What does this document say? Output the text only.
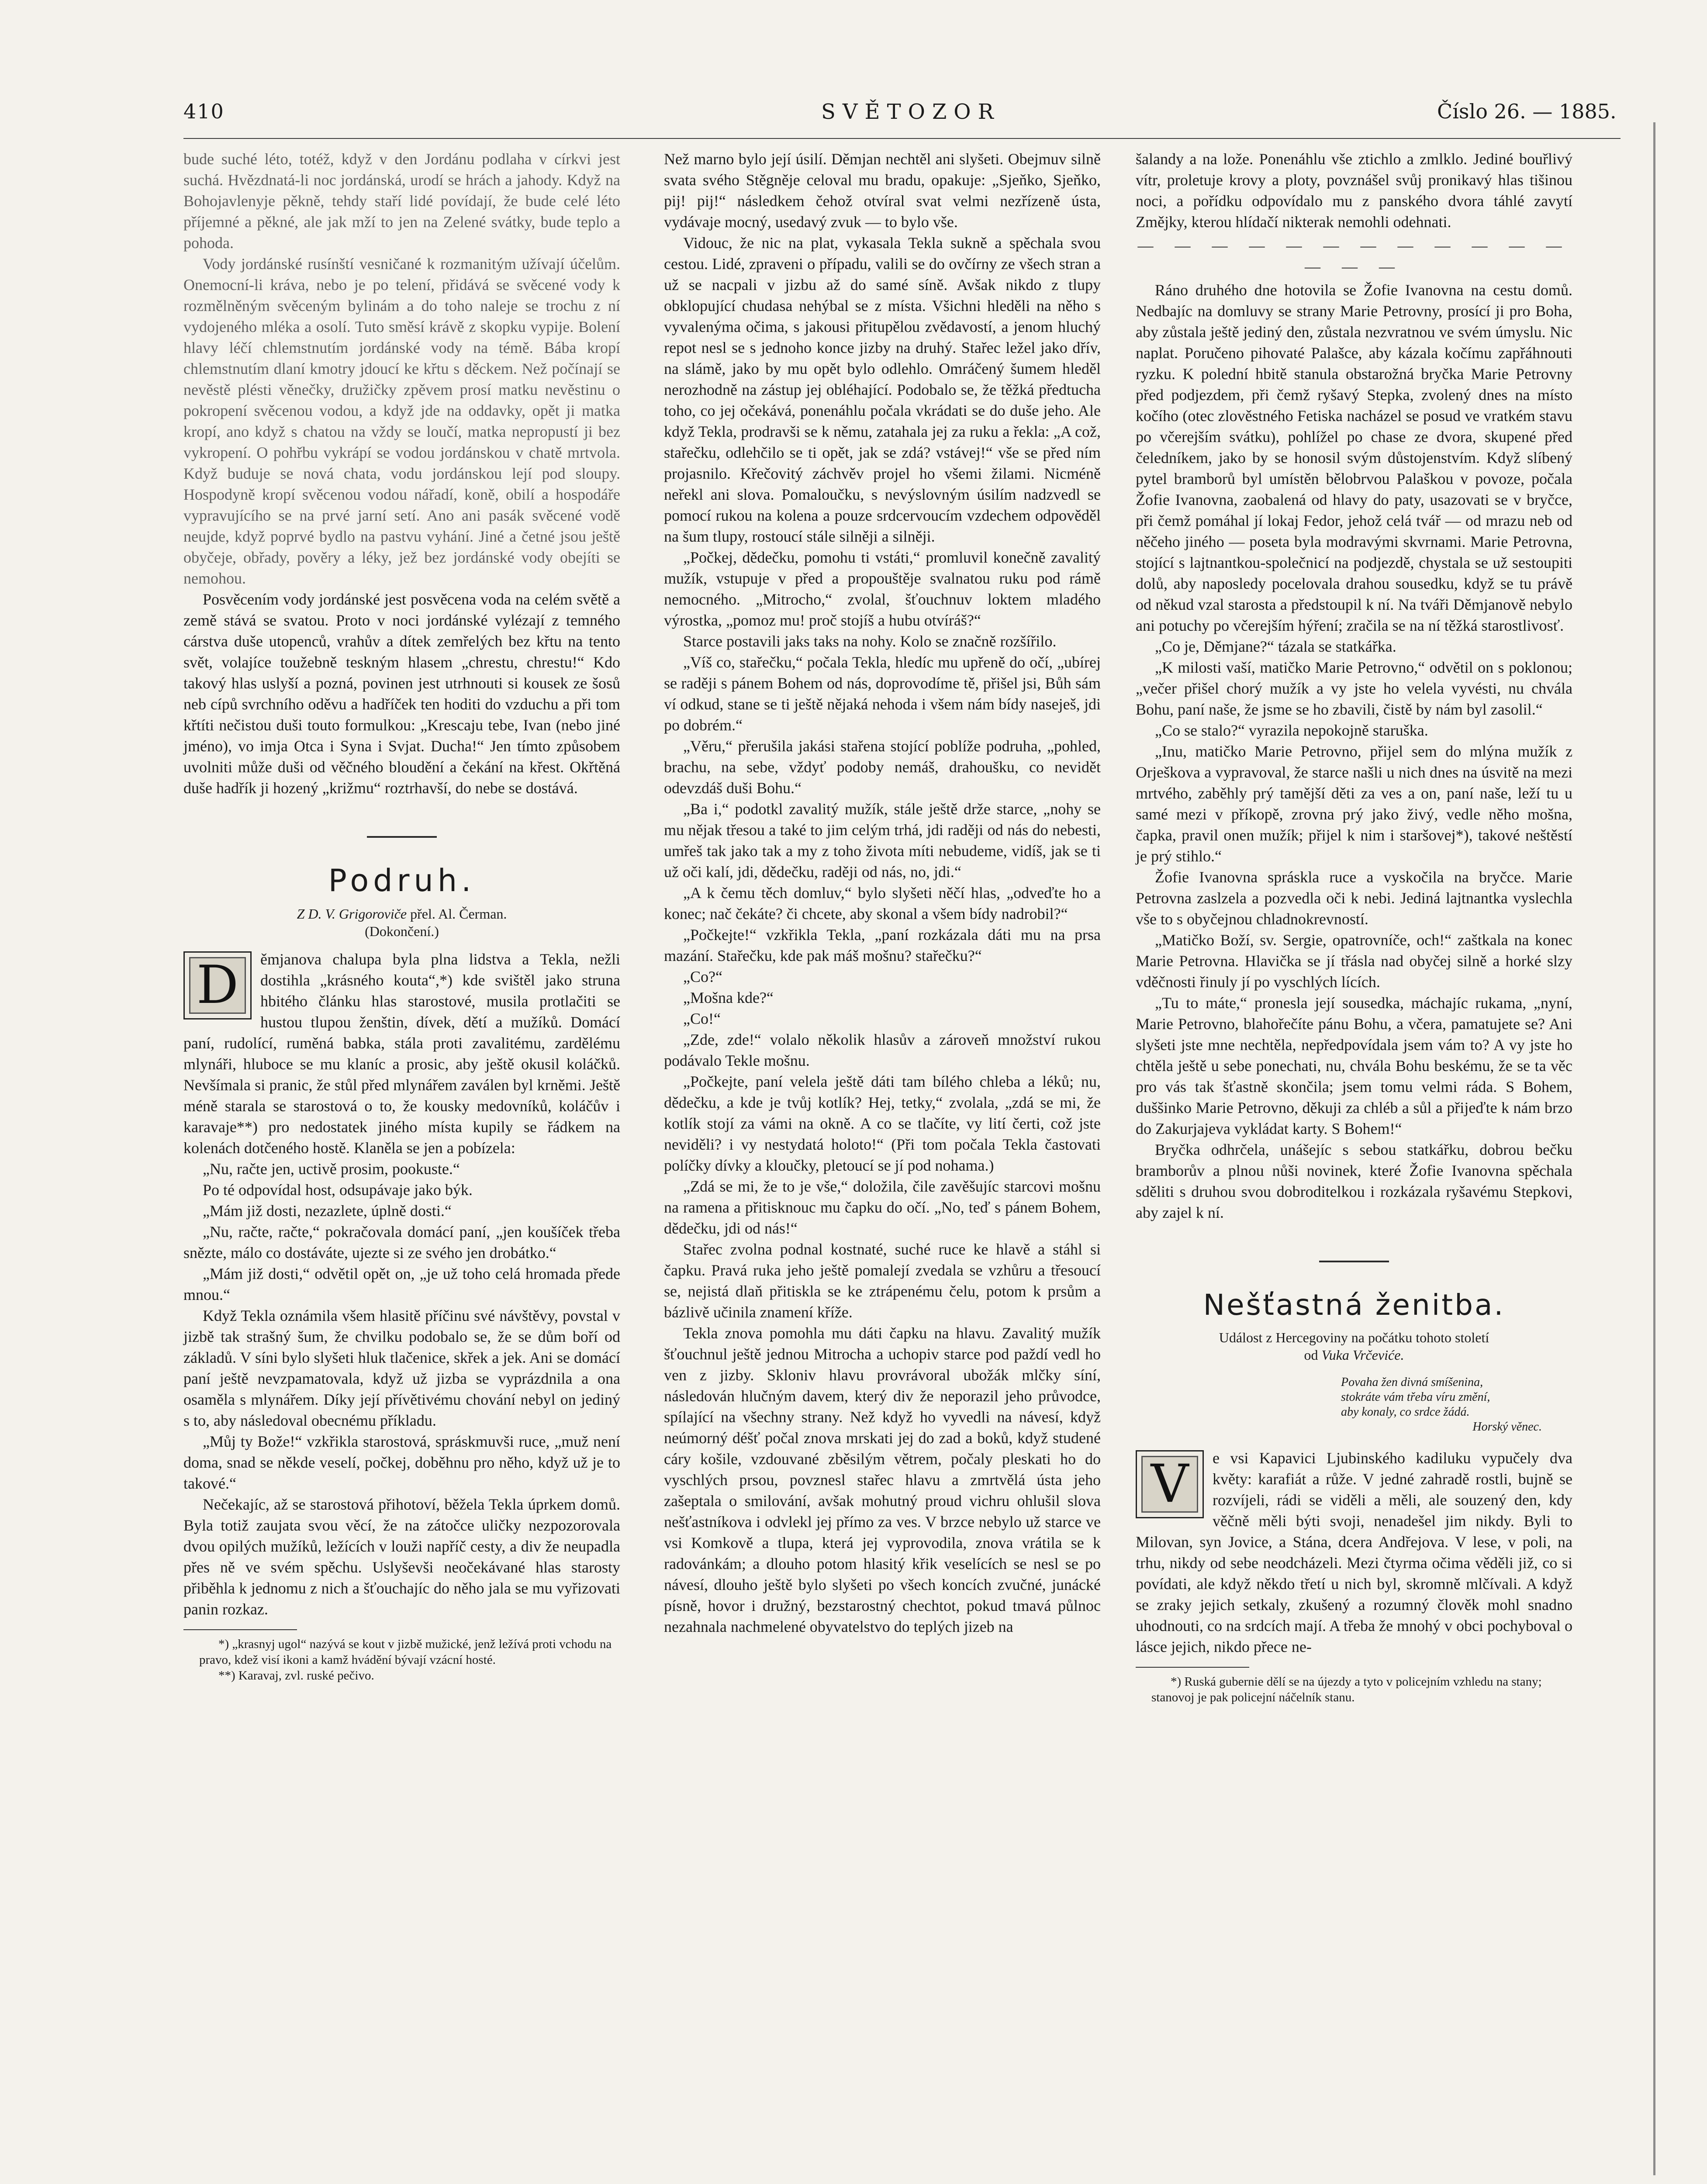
410	SVĚTOZOR	Číslo 26. — 1885.

bude suché léto, totéž, když v den Jordánu podlaha v církvi jest suchá. Hvězdnatá-li noc jordánská, urodí se hrách a jahody. Když na Bohojavlenyje pěkně, tehdy staří lidé povídají, že bude celé léto příjemné a pěkné, ale jak mží to jen na Zelené svátky, bude teplo a pohoda.

Vody jordánské rusínští vesničané k rozmanitým užívají účelům. Onemocní-li kráva, nebo je po telení, přidává se svěcené vody k rozmělněným svěceným bylinám a do toho naleje se trochu z ní vydojeného mléka a osolí. Tuto směsí krávě z skopku vypije. Bolení hlavy léčí chlemstnutím jordánské vody na témě. Bába kropí chlemstnutím dlaní kmotry jdoucí ke křtu s děckem. Než počínají se nevěstě plésti věnečky, družičky zpěvem prosí matku nevěstinu o pokropení svěcenou vodou, a když jde na oddavky, opět ji matka kropí, ano když s chatou na vždy se loučí, matka nepropustí ji bez vykropení. O pohřbu vykrápí se vodou jordánskou v chatě mrtvola. Když buduje se nová chata, vodu jordánskou lejí pod sloupy. Hospodyně kropí svěcenou vodou nářadí, koně, obilí a hospodáře vypravujícího se na prvé jarní setí. Ano ani pasák svěcené vodě neujde, když poprvé bydlo na pastvu vyhání. Jiné a četné jsou ještě obyčeje, obřady, pověry a léky, jež bez jordánské vody obejíti se nemohou.

Posvěcením vody jordánské jest posvěcena voda na celém světě a země stává se svatou. Proto v noci jordánské vylézají z temného cárstva duše utopenců, vrahův a dítek zemřelých bez křtu na tento svět, volajíce toužebně teskným hlasem „chrestu, chrestu!“ Kdo takový hlas uslyší a pozná, povinen jest utrhnouti si kousek ze šosů neb cípů svrchního oděvu a hadříček ten hoditi do vzduchu a při tom křtíti nečistou duši touto formulkou: „Krescaju tebe, Ivan (nebo jiné jméno), vo imja Otca i Syna i Svjat. Ducha!“ Jen tímto způsobem uvolniti může duši od věčného bloudění a čekání na křest. Okřtěná duše hadřík ji hozený „križmu“ roztrhavší, do nebe se dostává.

Podruh.
Z D. V. Grigoroviče přel. Al. Čerman.
(Dokončení.)

D	ěmjanova chalupa byla plna lidstva a Tekla, nežli dostihla „krásného kouta“,*) kde svištěl jako struna hbitého článku hlas starostové, musila protlačiti se hustou tlupou ženštin, dívek, dětí a mužíků. Domácí paní, rudolící, ruměná babka, stála proti zavalitému, zardělému mlynáři, hluboce se mu klaníc a prosic, aby ještě okusil koláčků. Nevšímala si pranic, že stůl před mlynářem zaválen byl krněmi. Ještě méně starala se starostová o to, že kousky medovníků, koláčův i karavaje**) pro nedostatek jiného místa kupily se řádkem na kolenách dotčeného hostě. Klaněla se jen a pobízela:

„Nu, račte jen, uctivě prosim, pookuste.“

Po té odpovídal host, odsupávaje jako býk.

„Mám již dosti, nezazlete, úplně dosti.“

„Nu, račte, račte,“ pokračovala domácí paní, „jen koušíček třeba snězte, málo co dostáváte, ujezte si ze svého jen drobátko.“

„Mám již dosti,“ odvětil opět on, „je už toho celá hromada přede mnou.“

Když Tekla oznámila všem hlasitě příčinu své návštěvy, povstal v jizbě tak strašný šum, že chvilku podobalo se, že se dům boří od základů. V síni bylo slyšeti hluk tlačenice, skřek a jek. Ani se domácí paní ještě nevzpamatovala, když už jizba se vyprázdnila a ona osaměla s mlynářem. Díky její přívětivému chování nebyl on jediný s to, aby následoval obecnému příkladu.

„Můj ty Bože!“ vzkřikla starostová, spráskmuvši ruce, „muž není doma, snad se někde veselí, počkej, doběhnu pro něho, když už je to takové.“

Nečekajíc, až se starostová přihotoví, běžela Tekla úprkem domů. Byla totiž zaujata svou věcí, že na zátočce uličky nezpozorovala dvou opilých mužíků, ležících v louži napříč cesty, a div že neupadla přes ně ve svém spěchu. Uslyševši neočekávané hlas starosty přiběhla k jednomu z nich a šťouchajíc do něho jala se mu vyřizovati panin rozkaz.

*) „krasnyj ugol“ nazývá se kout v jizbě mužické, jenž ležívá proti vchodu na pravo, kdež visí ikoni a kamž hvádění bývají vzácní hosté.

**) Karavaj, zvl. ruské pečivo.

Než marno bylo její úsilí. Děmjan nechtěl ani slyšeti. Obejmuv silně svata svého Stěgněje celoval mu bradu, opakuje: „Sjeňko, Sjeňko, pij! pij!“ následkem čehož otvíral svat velmi nezřízeně ústa, vydávaje mocný, usedavý zvuk — to bylo vše.

Vidouc, že nic na plat, vykasala Tekla sukně a spěchala svou cestou. Lidé, zpraveni o případu, valili se do ovčírny ze všech stran a už se nacpali v jizbu až do samé síně. Avšak nikdo z tlupy obklopující chudasa nehýbal se z místa. Všichni hleděli na něho s vyvalenýma očima, s jakousi přitupělou zvědavostí, a jenom hluchý repot nesl se s jednoho konce jizby na druhý. Stařec ležel jako dřív, na slámě, jako by mu opět bylo odlehlo. Omráčený šumem hleděl nerozhodně na zástup jej obléhající. Podobalo se, že těžká předtucha toho, co jej očekává, ponenáhlu počala vkrádati se do duše jeho. Ale když Tekla, prodravši se k němu, zatahala jej za ruku a řekla: „A což, stařečku, odlehčilo se ti opět, jak se zdá? vstávej!“ vše se před ním projasnilo. Křečovitý záchvěv projel ho všemi žilami. Nicméně neřekl ani slova. Pomaloučku, s nevýslovným úsilím nadzvedl se pomocí rukou na kolena a pouze srdcervoucím vzdechem odpověděl na šum tlupy, rostoucí stále silněji a silněji.

„Počkej, dědečku, pomohu ti vstáti,“ promluvil konečně zavalitý mužík, vstupuje v před a propouštěje svalnatou ruku pod rámě nemocného. „Mitrocho,“ zvolal, šťouchnuv loktem mladého výrostka, „pomoz mu! proč stojíš a hubu otvíráš?“

Starce postavili jaks taks na nohy. Kolo se značně rozšířilo.

„Víš co, stařečku,“ počala Tekla, hledíc mu upřeně do očí, „ubírej se raději s pánem Bohem od nás, doprovodíme tě, přišel jsi, Bůh sám ví odkud, stane se ti ještě nějaká nehoda i všem nám bídy naseješ, jdi po dobrém.“

„Věru,“ přerušila jakási stařena stojící poblíže podruha, „pohled, brachu, na sebe, vždyť podoby nemáš, drahoušku, co nevidět odevzdáš duši Bohu.“

„Ba i,“ podotkl zavalitý mužík, stále ještě drže starce, „nohy se mu nějak třesou a také to jim celým trhá, jdi raději od nás do nebesti, umřeš tak jako tak a my z toho života míti nebudeme, vidíš, jak se ti už oči kalí, jdi, dědečku, raději od nás, no, jdi.“

„A k čemu těch domluv,“ bylo slyšeti něčí hlas, „odveďte ho a konec; nač čekáte? či chcete, aby skonal a všem bídy nadrobil?“

„Počkejte!“ vzkřikla Tekla, „paní rozkázala dáti mu na prsa mazání. Stařečku, kde pak máš mošnu? stařečku?“

„Co?“

„Mošna kde?“

„Co!“

„Zde, zde!“ volalo několik hlasův a zároveň množství rukou podávalo Tekle mošnu.

„Počkejte, paní velela ještě dáti tam bílého chleba a léků; nu, dědečku, a kde je tvůj kotlík? Hej, tetky,“ zvolala, „zdá se mi, že kotlík stojí za vámi na okně. A co se tlačíte, vy lití čerti, což jste neviděli? i vy nestydatá holoto!“ (Při tom počala Tekla častovati políčky dívky a kloučky, pletoucí se jí pod nohama.)

„Zdá se mi, že to je vše,“ doložila, čile zavěšujíc starcovi mošnu na ramena a přitisknouc mu čapku do očí. „No, teď s pánem Bohem, dědečku, jdi od nás!“

Stařec zvolna podnal kostnaté, suché ruce ke hlavě a stáhl si čapku. Pravá ruka jeho ještě pomalejí zvedala se vzhůru a třesoucí se, nejistá dlaň přitiskla se ke ztrápenému čelu, potom k prsům a bázlivě učinila znamení kříže.

Tekla znova pomohla mu dáti čapku na hlavu. Zavalitý mužík šťouchnul ještě jednou Mitrocha a uchopiv starce pod paždí vedl ho ven z jizby. Skloniv hlavu provrávoral ubožák mlčky síní, následován hlučným davem, který div že neporazil jeho průvodce, spílající na všechny strany. Než když ho vyvedli na návesí, když neúmorný déšť počal znova mrskati jej do zad a boků, když studené cáry košile, vzdouvané zběsilým větrem, počaly pleskati ho do vyschlých prsou, povznesl stařec hlavu a zmrtvělá ústa jeho zašeptala o smilování, avšak mohutný proud vichru ohlušil slova nešťastníkova i odvlekl jej přímo za ves. V brzce nebylo už starce ve vsi Komkově a tlupa, která jej vyprovodila, znova vrátila se k radovánkám; a dlouho potom hlasitý křik veselících se nesl se po návesí, dlouho ještě bylo slyšeti po všech koncích zvučné, junácké písně, hovor i družný, bezstarostný chechtot, pokud tmavá půlnoc nezahnala nachmelené obyvatelstvo do teplých jizeb na

šalandy a na lože. Ponenáhlu vše ztichlo a zmlklo. Jediné bouřlivý vítr, proletuje krovy a ploty, povznášel svůj pronikavý hlas tišinou noci, a pořídku odpovídalo mu z panského dvora táhlé zavytí Změjky, kterou hlídačí nikterak nemohli odehnati.

— — — — — — — — — — — — — — —

Ráno druhého dne hotovila se Žofie Ivanovna na cestu domů. Nedbajíc na domluvy se strany Marie Petrovny, prosící ji pro Boha, aby zůstala ještě jediný den, zůstala nezvratnou ve svém úmyslu. Nic naplat. Poručeno pihovaté Palašce, aby kázala kočímu zapřáhnouti ryzku. K polední hbitě stanula obstarožná bryčka Marie Petrovny před podjezdem, při čemž ryšavý Stepka, zvolený dnes na místo kočího (otec zlověstného Fetiska nacházel se posud ve vratkém stavu po včerejším svátku), pohlížel po chase ze dvora, skupené před čeledníkem, jako by se honosil svým důstojenstvím. Když slíbený pytel bramborů byl umístěn bělobrvou Palaškou v povoze, počala Žofie Ivanovna, zaobalená od hlavy do paty, usazovati se v bryčce, při čemž pomáhal jí lokaj Fedor, jehož celá tvář — od mrazu neb od něčeho jiného — poseta byla modravými skvrnami. Marie Petrovna, stojící s lajtnantkou-společnicí na podjezdě, chystala se už sestoupiti dolů, aby naposledy pocelovala drahou sousedku, když se tu právě od někud vzal starosta a předstoupil k ní. Na tváři Děmjanově nebylo ani potuchy po včerejším hýření; zračila se na ní těžká starostlivosť.

„Co je, Děmjane?“ tázala se statkářka.

„K milosti vaší, matičko Marie Petrovno,“ odvětil on s poklonou; „večer přišel chorý mužík a vy jste ho velela vyvésti, nu chvála Bohu, paní naše, že jsme se ho zbavili, čistě by nám byl zasolil.“

„Co se stalo?“ vyrazila nepokojně staruška.

„Inu, matičko Marie Petrovno, přijel sem do mlýna mužík z Orješkova a vypravoval, že starce našli u nich dnes na úsvitě na mezi mrtvého, zaběhly prý tamější děti za ves a on, paní naše, leží tu u samé mezi v příkopě, zrovna prý jako živý, vedle něho mošna, čapka, pravil onen mužík; přijel k nim i staršovej*), takové neštěstí je prý stihlo.“

Žofie Ivanovna spráskla ruce a vyskočila na bryčce. Marie Petrovna zaslzela a pozvedla oči k nebi. Jediná lajtnantka vyslechla vše to s obyčejnou chladnokrevností.

„Matičko Boží, sv. Sergie, opatrovníče, och!“ zaštkala na konec Marie Petrovna. Hlavička se jí třásla nad obyčej silně a horké slzy vděčnosti řinuly jí po vyschlých lících.

„Tu to máte,“ pronesla její sousedka, máchajíc rukama, „nyní, Marie Petrovno, blahořečíte pánu Bohu, a včera, pamatujete se? Ani slyšeti jste mne nechtěla, nepředpovídala jsem vám to? A vy jste ho chtěla ještě u sebe ponechati, nu, chvála Bohu beskému, že se ta věc pro vás tak šťastně skončila; jsem tomu velmi ráda. S Bohem, duššinko Marie Petrovno, děkuji za chléb a sůl a přijeďte k nám brzo do Zakurjajeva vykládat karty. S Bohem!“

Bryčka odhrčela, unášejíc s sebou statkářku, dobrou bečku bramborův a plnou nůši novinek, které Žofie Ivanovna spěchala sděliti s druhou svou dobroditelkou i rozkázala ryšavému Stepkovi, aby zajel k ní.

Nešťastná ženitba.
Událost z Hercegoviny na počátku tohoto století
od Vuka Vrčeviće.
Povaha žen divná smíšenina,
stokráte vám třeba víru změní,
aby konaly, co srdce žádá.
Horský věnec.

V	e vsi Kapavici Ljubinského kadiluku vypučely dva květy: karafiát a růže. V jedné zahradě rostli, bujně se rozvíjeli, rádi se viděli a měli, ale souzený den, kdy věčně měli býti svoji, nenadešel jim nikdy. Byli to Milovan, syn Jovice, a Stána, dcera Andřejova. V lese, v poli, na trhu, nikdy od sebe neodcházeli. Mezi čtyrma očima věděli již, co si povídati, ale když někdo třetí u nich byl, skromně mlčívali. A když se zraky jejich setkaly, zkušený a rozumný člověk mohl snadno uhodnouti, co na srdcích mají. A třeba že mnohý v obci pochyboval o lásce jejich, nikdo přece ne-

*) Ruská gubernie dělí se na újezdy a tyto v policejním vzhledu na stany; stanovoj je pak policejní náčelník stanu.
